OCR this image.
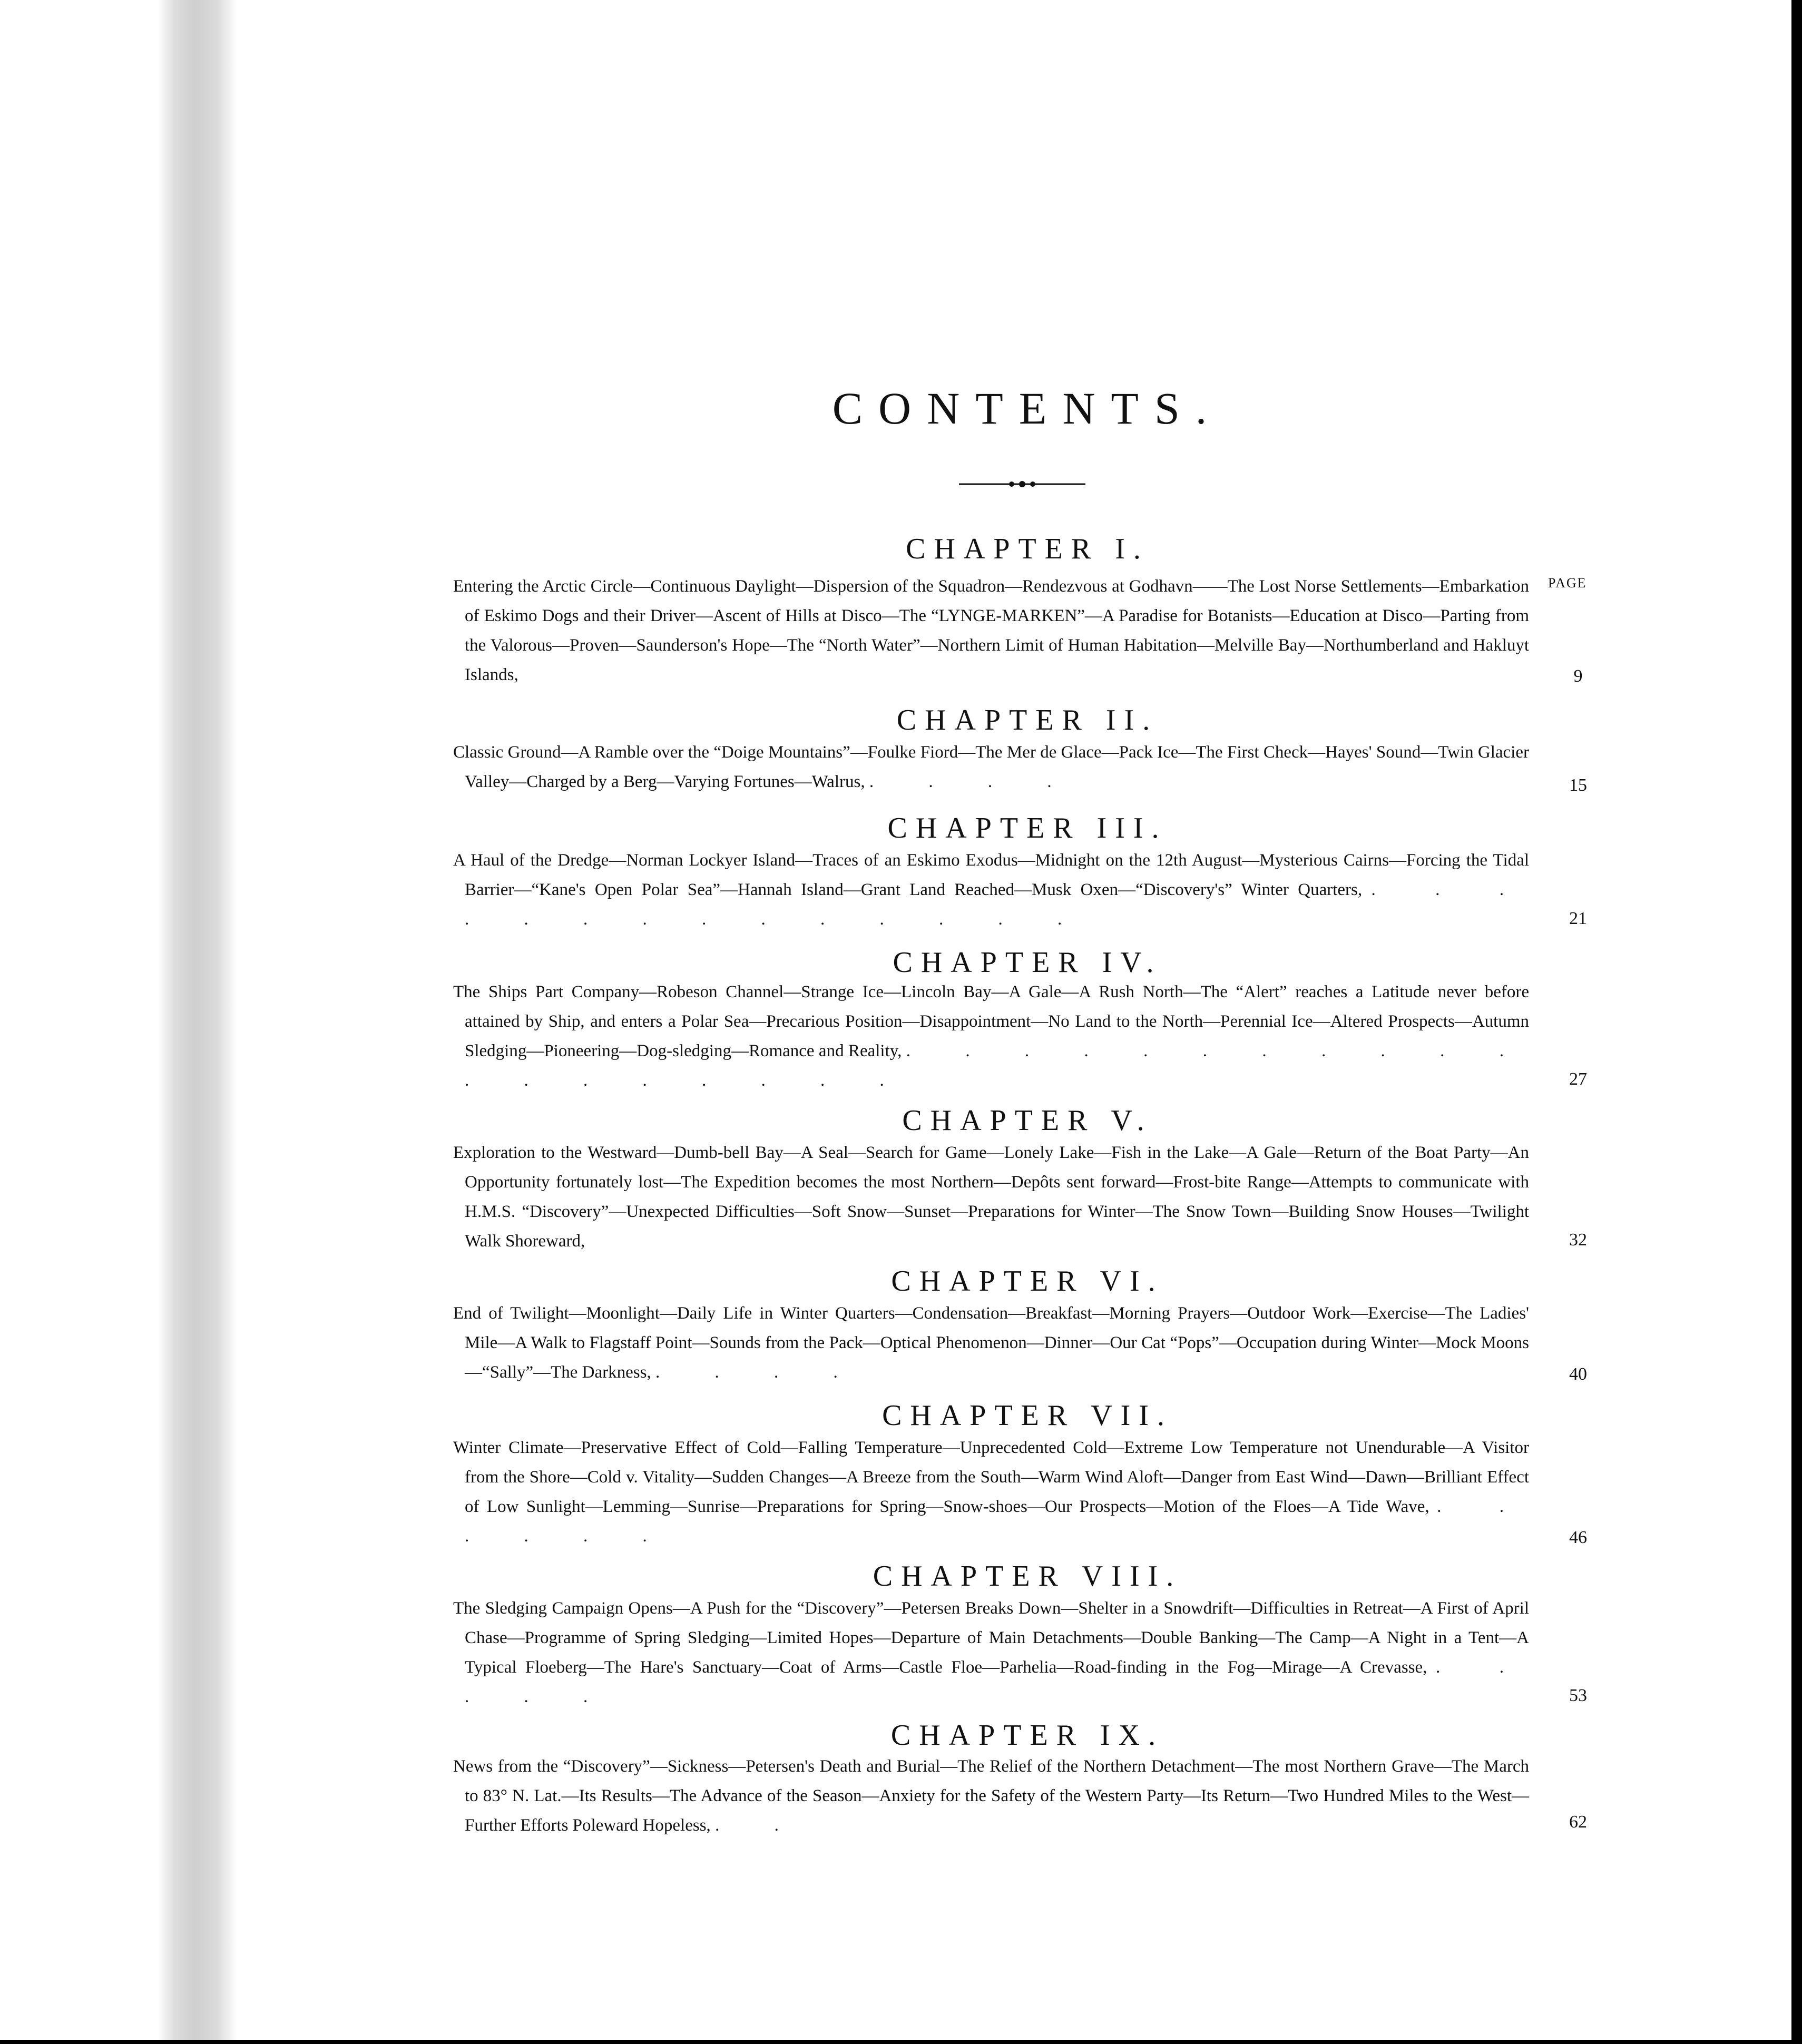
CONTENTS.
PAGE
CHAPTER I.
Entering the Arctic Circle—Continuous Daylight—Dispersion of the Squadron—Rendezvous at Godhavn——The Lost Norse Settlements—Embarkation of Eskimo Dogs and their Driver—Ascent of Hills at Disco—The “LYNGE-MARKEN”—A Paradise for Botanists—Education at Disco—Parting from the Valorous—Proven—Saunderson's Hope—The “North Water”—Northern Limit of Human Habitation—Melville Bay—Northumberland and Hakluyt Islands,	9
CHAPTER II.
Classic Ground—A Ramble over the “Doige Mountains”—Foulke Fiord—The Mer de Glace—Pack Ice—The First Check—Hayes' Sound—Twin Glacier Valley—Charged by a Berg—Varying Fortunes—Walrus, . . . .	15
CHAPTER III.
A Haul of the Dredge—Norman Lockyer Island—Traces of an Eskimo Exodus—Midnight on the 12th August—Mysterious Cairns—Forcing the Tidal Barrier—“Kane's Open Polar Sea”—Hannah Island—Grant Land Reached—Musk Oxen—“Discovery's” Winter Quarters, . . . . . . . . . . . . . .	21
CHAPTER IV.
The Ships Part Company—Robeson Channel—Strange Ice—Lincoln Bay—A Gale—A Rush North—The “Alert” reaches a Latitude never before attained by Ship, and enters a Polar Sea—Precarious Position—Disappointment—No Land to the North—Perennial Ice—Altered Prospects—Autumn Sledging—Pioneering—Dog-sledging—Romance and Reality, . . . . . . . . . . . . . . . . . . .	27
CHAPTER V.
Exploration to the Westward—Dumb-bell Bay—A Seal—Search for Game—Lonely Lake—Fish in the Lake—A Gale—Return of the Boat Party—An Opportunity fortunately lost—The Expedition becomes the most Northern—Depôts sent forward—Frost-bite Range—Attempts to communicate with H.M.S. “Discovery”—Unexpected Difficulties—Soft Snow—Sunset—Preparations for Winter—The Snow Town—Building Snow Houses—Twilight Walk Shoreward,	32
CHAPTER VI.
End of Twilight—Moonlight—Daily Life in Winter Quarters—Condensation—Breakfast—Morning Prayers—Outdoor Work—Exercise—The Ladies' Mile—A Walk to Flagstaff Point—Sounds from the Pack—Optical Phenomenon—Dinner—Our Cat “Pops”—Occupation during Winter—Mock Moons—“Sally”—The Darkness, . . . .	40
CHAPTER VII.
Winter Climate—Preservative Effect of Cold—Falling Temperature—Unprecedented Cold—Extreme Low Temperature not Unendurable—A Visitor from the Shore—Cold v. Vitality—Sudden Changes—A Breeze from the South—Warm Wind Aloft—Danger from East Wind—Dawn—Brilliant Effect of Low Sunlight—Lemming—Sunrise—Preparations for Spring—Snow-shoes—Our Prospects—Motion of the Floes—A Tide Wave, . . . . . .	46
CHAPTER VIII.
The Sledging Campaign Opens—A Push for the “Discovery”—Petersen Breaks Down—Shelter in a Snowdrift—Difficulties in Retreat—A First of April Chase—Programme of Spring Sledging—Limited Hopes—Departure of Main Detachments—Double Banking—The Camp—A Night in a Tent—A Typical Floeberg—The Hare's Sanctuary—Coat of Arms—Castle Floe—Parhelia—Road-finding in the Fog—Mirage—A Crevasse, . . . . .	53
CHAPTER IX.
News from the “Discovery”—Sickness—Petersen's Death and Burial—The Relief of the Northern Detachment—The most Northern Grave—The March to 83° N. Lat.—Its Results—The Advance of the Season—Anxiety for the Safety of the Western Party—Its Return—Two Hundred Miles to the West—Further Efforts Poleward Hopeless, . .	62
